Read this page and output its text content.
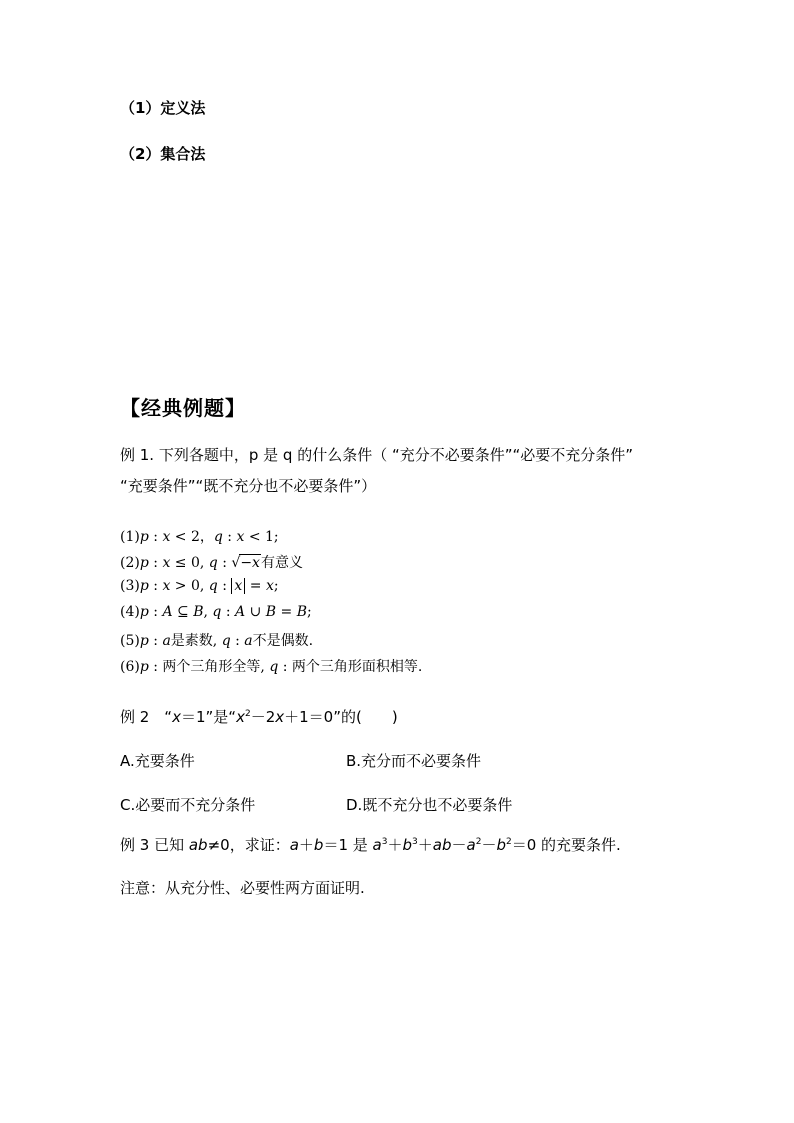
（1）定义法
（2）集合法
【经典例题】
例 1. 下列各题中，p 是 q 的什么条件（ “充分不必要条件”“必要不充分条件”
“充要条件”“既不充分也不必要条件”）
(1)p : x < 2，q : x < 1;
(2)p : x ≤ 0, q : √−x有意义
(3)p : x > 0, q : x = x;
(4)p : A ⊆ B, q : A ∪ B = B;
(5)p : a是素数, q : a不是偶数.
(6)p : 两个三角形全等, q : 两个三角形面积相等.
例 2　“x＝1”是“$x^2-2x+1=0$”的(　　)
A.充要条件	B.充分而不必要条件
C.必要而不充分条件	D.既不充分也不必要条件
例 3 已知 ab≠0，求证：a＋b＝1 是 $a^3+b^3+ab-a^2-b^2=0$ 的充要条件.
注意：从充分性、必要性两方面证明.
